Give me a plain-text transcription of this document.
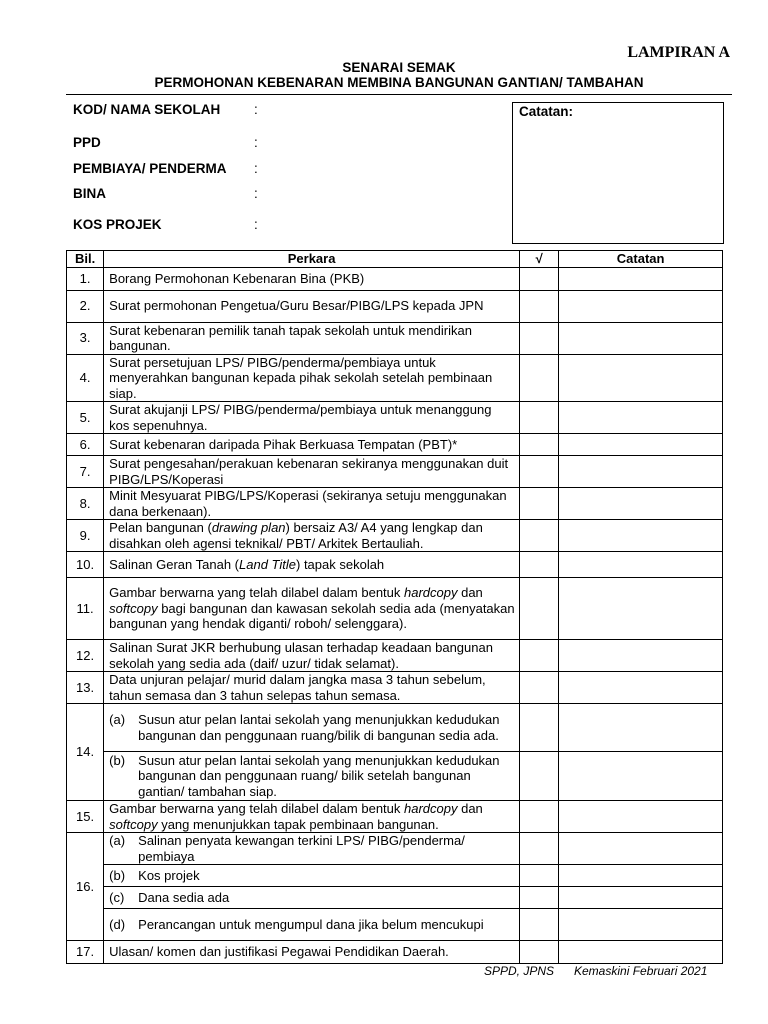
LAMPIRAN A
SENARAI SEMAK
PERMOHONAN KEBENARAN MEMBINA BANGUNAN GANTIAN/ TAMBAHAN
KOD/ NAMA SEKOLAH	:
PPD	:
PEMBIAYA/ PENDERMA :
BINA	:
KOS PROJEK	:
Catatan:
Bil.	Perkara	√	Catatan
1.	Borang Permohonan Kebenaran Bina (PKB)		
2.	Surat permohonan Pengetua/Guru Besar/PIBG/LPS kepada JPN		
3.	Surat kebenaran pemilik tanah tapak sekolah untuk mendirikan bangunan.		
4.	Surat persetujuan LPS/ PIBG/penderma/pembiaya untuk menyerahkan bangunan kepada pihak sekolah setelah pembinaan siap.		
5.	Surat akujanji LPS/ PIBG/penderma/pembiaya untuk menanggung kos sepenuhnya.		
6.	Surat kebenaran daripada Pihak Berkuasa Tempatan (PBT)*		
7.	Surat pengesahan/perakuan kebenaran sekiranya menggunakan duit PIBG/LPS/Koperasi		
8.	Minit Mesyuarat PIBG/LPS/Koperasi (sekiranya setuju menggunakan dana berkenaan).		
9.	Pelan bangunan (drawing plan) bersaiz A3/ A4 yang lengkap dan disahkan oleh agensi teknikal/ PBT/ Arkitek Bertauliah.		
10.	Salinan Geran Tanah (Land Title) tapak sekolah		
11.	Gambar berwarna yang telah dilabel dalam bentuk hardcopy dan softcopy bagi bangunan dan kawasan sekolah sedia ada (menyatakan bangunan yang hendak diganti/ roboh/ selenggara).		
12.	Salinan Surat JKR berhubung ulasan terhadap keadaan bangunan sekolah yang sedia ada (daif/ uzur/ tidak selamat).		
13.	Data unjuran pelajar/ murid dalam jangka masa 3 tahun sebelum, tahun semasa dan 3 tahun selepas tahun semasa.		
14.	(a) Susun atur pelan lantai sekolah yang menunjukkan kedudukan bangunan dan penggunaan ruang/bilik di bangunan sedia ada.		

	(b) Susun atur pelan lantai sekolah yang menunjukkan kedudukan bangunan dan penggunaan ruang/ bilik setelah bangunan gantian/ tambahan siap.		

15.	Gambar berwarna yang telah dilabel dalam bentuk hardcopy dan softcopy yang menunjukkan tapak pembinaan bangunan.		
16.	(a) Salinan penyata kewangan terkini LPS/ PIBG/penderma/ pembiaya		

	(b) Kos projek		

	(c) Dana sedia ada		

	(d) Perancangan untuk mengumpul dana jika belum mencukupi		

17.	Ulasan/ komen dan justifikasi Pegawai Pendidikan Daerah.		
SPPD, JPNS Kemaskini Februari 2021
